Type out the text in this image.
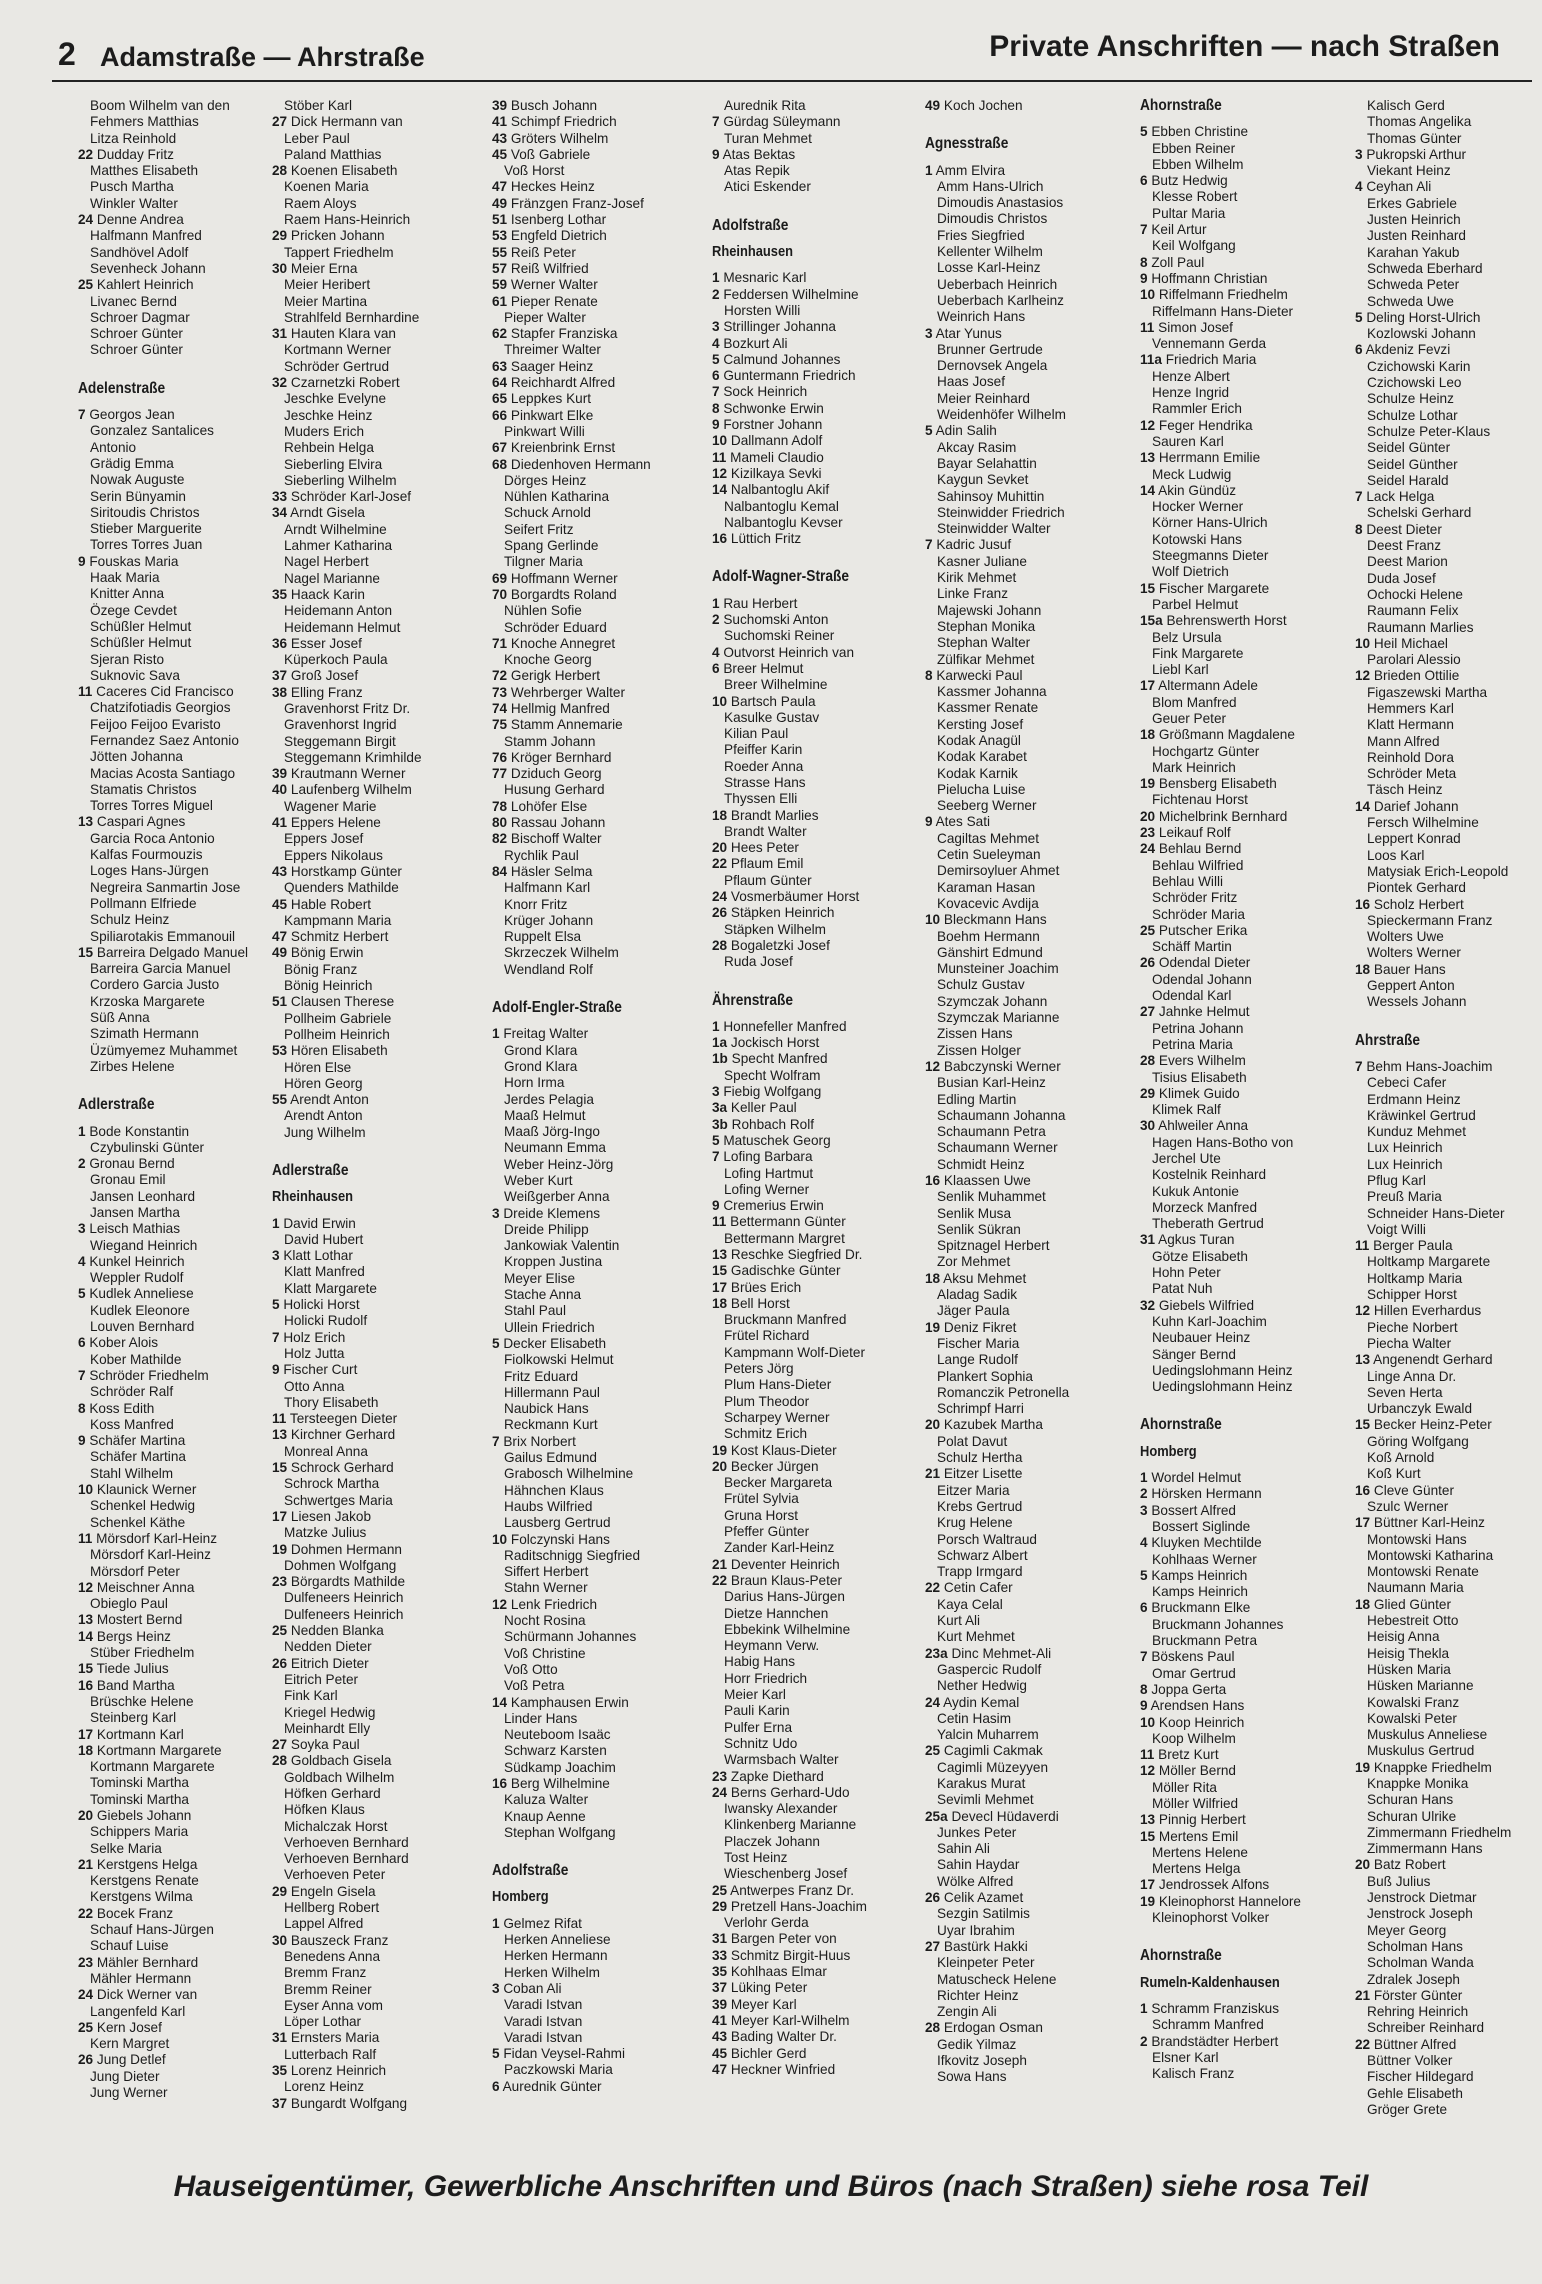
2 Adamstraße — Ahrstraße	Private Anschriften — nach Straßen
Boom Wilhelm van den
Fehmers Matthias
Litza Reinhold
22 Dudday Fritz
Matthes Elisabeth
Pusch Martha
Winkler Walter
24 Denne Andrea
Halfmann Manfred
Sandhövel Adolf
Sevenheck Johann
25 Kahlert Heinrich
Livanec Bernd
Schroer Dagmar
Schroer Günter
Schroer Günter
Adelenstraße
7 Georgos Jean
Gonzalez Santalices
Antonio
Grädig Emma
Nowak Auguste
Serin Bünyamin
Siritoudis Christos
Stieber Marguerite
Torres Torres Juan
9 Fouskas Maria
Haak Maria
Knitter Anna
Özege Cevdet
Schüßler Helmut
Schüßler Helmut
Sjeran Risto
Suknovic Sava
11 Caceres Cid Francisco
Chatzifotiadis Georgios
Feijoo Feijoo Evaristo
Fernandez Saez Antonio
Jötten Johanna
Macias Acosta Santiago
Stamatis Christos
Torres Torres Miguel
13 Caspari Agnes
Garcia Roca Antonio
Kalfas Fourmouzis
Loges Hans-Jürgen
Negreira Sanmartin Jose
Pollmann Elfriede
Schulz Heinz
Spiliarotakis Emmanouil
15 Barreira Delgado Manuel
Barreira Garcia Manuel
Cordero Garcia Justo
Krzoska Margarete
Süß Anna
Szimath Hermann
Üzümyemez Muhammet
Zirbes Helene
Adlerstraße
1 Bode Konstantin
Czybulinski Günter
2 Gronau Bernd
Gronau Emil
Jansen Leonhard
Jansen Martha
3 Leisch Mathias
Wiegand Heinrich
4 Kunkel Heinrich
Weppler Rudolf
5 Kudlek Anneliese
Kudlek Eleonore
Louven Bernhard
6 Kober Alois
Kober Mathilde
7 Schröder Friedhelm
Schröder Ralf
8 Koss Edith
Koss Manfred
9 Schäfer Martina
Schäfer Martina
Stahl Wilhelm
10 Klaunick Werner
Schenkel Hedwig
Schenkel Käthe
11 Mörsdorf Karl-Heinz
Mörsdorf Karl-Heinz
Mörsdorf Peter
12 Meischner Anna
Obieglo Paul
13 Mostert Bernd
14 Bergs Heinz
Stüber Friedhelm
15 Tiede Julius
16 Band Martha
Brüschke Helene
Steinberg Karl
17 Kortmann Karl
18 Kortmann Margarete
Kortmann Margarete
Tominski Martha
Tominski Martha
20 Giebels Johann
Schippers Maria
Selke Maria
21 Kerstgens Helga
Kerstgens Renate
Kerstgens Wilma
22 Bocek Franz
Schauf Hans-Jürgen
Schauf Luise
23 Mähler Bernhard
Mähler Hermann
24 Dick Werner van
Langenfeld Karl
25 Kern Josef
Kern Margret
26 Jung Detlef
Jung Dieter
Jung Werner
Stöber Karl
27 Dick Hermann van
Leber Paul
Paland Matthias
28 Koenen Elisabeth
Koenen Maria
Raem Aloys
Raem Hans-Heinrich
29 Pricken Johann
Tappert Friedhelm
30 Meier Erna
Meier Heribert
Meier Martina
Strahlfeld Bernhardine
31 Hauten Klara van
Kortmann Werner
Schröder Gertrud
32 Czarnetzki Robert
Jeschke Evelyne
Jeschke Heinz
Muders Erich
Rehbein Helga
Sieberling Elvira
Sieberling Wilhelm
33 Schröder Karl-Josef
34 Arndt Gisela
Arndt Wilhelmine
Lahmer Katharina
Nagel Herbert
Nagel Marianne
35 Haack Karin
Heidemann Anton
Heidemann Helmut
36 Esser Josef
Küperkoch Paula
37 Groß Josef
38 Elling Franz
Gravenhorst Fritz Dr.
Gravenhorst Ingrid
Steggemann Birgit
Steggemann Krimhilde
39 Krautmann Werner
40 Laufenberg Wilhelm
Wagener Marie
41 Eppers Helene
Eppers Josef
Eppers Nikolaus
43 Horstkamp Günter
Quenders Mathilde
45 Hable Robert
Kampmann Maria
47 Schmitz Herbert
49 Bönig Erwin
Bönig Franz
Bönig Heinrich
51 Clausen Therese
Pollheim Gabriele
Pollheim Heinrich
53 Hören Elisabeth
Hören Else
Hören Georg
55 Arendt Anton
Arendt Anton
Jung Wilhelm
Adlerstraße
Rheinhausen
1 David Erwin
David Hubert
3 Klatt Lothar
Klatt Manfred
Klatt Margarete
5 Holicki Horst
Holicki Rudolf
7 Holz Erich
Holz Jutta
9 Fischer Curt
Otto Anna
Thory Elisabeth
11 Tersteegen Dieter
13 Kirchner Gerhard
Monreal Anna
15 Schrock Gerhard
Schrock Martha
Schwertges Maria
17 Liesen Jakob
Matzke Julius
19 Dohmen Hermann
Dohmen Wolfgang
23 Börgardts Mathilde
Dulfeneers Heinrich
Dulfeneers Heinrich
25 Nedden Blanka
Nedden Dieter
26 Eitrich Dieter
Eitrich Peter
Fink Karl
Kriegel Hedwig
Meinhardt Elly
27 Soyka Paul
28 Goldbach Gisela
Goldbach Wilhelm
Höfken Gerhard
Höfken Klaus
Michalczak Horst
Verhoeven Bernhard
Verhoeven Bernhard
Verhoeven Peter
29 Engeln Gisela
Hellberg Robert
Lappel Alfred
30 Bauszeck Franz
Benedens Anna
Bremm Franz
Bremm Reiner
Eyser Anna vom
Löper Lothar
31 Ernsters Maria
Lutterbach Ralf
35 Lorenz Heinrich
Lorenz Heinz
37 Bungardt Wolfgang
39 Busch Johann
41 Schimpf Friedrich
43 Gröters Wilhelm
45 Voß Gabriele
Voß Horst
47 Heckes Heinz
49 Fränzgen Franz-Josef
51 Isenberg Lothar
53 Engfeld Dietrich
55 Reiß Peter
57 Reiß Wilfried
59 Werner Walter
61 Pieper Renate
Pieper Walter
62 Stapfer Franziska
Threimer Walter
63 Saager Heinz
64 Reichhardt Alfred
65 Leppkes Kurt
66 Pinkwart Elke
Pinkwart Willi
67 Kreienbrink Ernst
68 Diedenhoven Hermann
Dörges Heinz
Nühlen Katharina
Schuck Arnold
Seifert Fritz
Spang Gerlinde
Tilgner Maria
69 Hoffmann Werner
70 Borgardts Roland
Nühlen Sofie
Schröder Eduard
71 Knoche Annegret
Knoche Georg
72 Gerigk Herbert
73 Wehrberger Walter
74 Hellmig Manfred
75 Stamm Annemarie
Stamm Johann
76 Kröger Bernhard
77 Dziduch Georg
Husung Gerhard
78 Lohöfer Else
80 Rassau Johann
82 Bischoff Walter
Rychlik Paul
84 Häsler Selma
Halfmann Karl
Knorr Fritz
Krüger Johann
Ruppelt Elsa
Skrzeczek Wilhelm
Wendland Rolf
Adolf-Engler-Straße
1 Freitag Walter
Grond Klara
Grond Klara
Horn Irma
Jerdes Pelagia
Maaß Helmut
Maaß Jörg-Ingo
Neumann Emma
Weber Heinz-Jörg
Weber Kurt
Weißgerber Anna
3 Dreide Klemens
Dreide Philipp
Jankowiak Valentin
Kroppen Justina
Meyer Elise
Stache Anna
Stahl Paul
Ullein Friedrich
5 Decker Elisabeth
Fiolkowski Helmut
Fritz Eduard
Hillermann Paul
Naubick Hans
Reckmann Kurt
7 Brix Norbert
Gailus Edmund
Grabosch Wilhelmine
Hähnchen Klaus
Haubs Wilfried
Lausberg Gertrud
10 Folczynski Hans
Raditschnigg Siegfried
Siffert Herbert
Stahn Werner
12 Lenk Friedrich
Nocht Rosina
Schürmann Johannes
Voß Christine
Voß Otto
Voß Petra
14 Kamphausen Erwin
Linder Hans
Neuteboom Isaäc
Schwarz Karsten
Südkamp Joachim
16 Berg Wilhelmine
Kaluza Walter
Knaup Aenne
Stephan Wolfgang
Adolfstraße
Homberg
1 Gelmez Rifat
Herken Anneliese
Herken Hermann
Herken Wilhelm
3 Coban Ali
Varadi Istvan
Varadi Istvan
Varadi Istvan
5 Fidan Veysel-Rahmi
Paczkowski Maria
6 Aurednik Günter
Aurednik Rita
7 Gürdag Süleymann
Turan Mehmet
9 Atas Bektas
Atas Repik
Atici Eskender
Adolfstraße
Rheinhausen
1 Mesnaric Karl
2 Feddersen Wilhelmine
Horsten Willi
3 Strillinger Johanna
4 Bozkurt Ali
5 Calmund Johannes
6 Guntermann Friedrich
7 Sock Heinrich
8 Schwonke Erwin
9 Forstner Johann
10 Dallmann Adolf
11 Mameli Claudio
12 Kizilkaya Sevki
14 Nalbantoglu Akif
Nalbantoglu Kemal
Nalbantoglu Kevser
16 Lüttich Fritz
Adolf-Wagner-Straße
1 Rau Herbert
2 Suchomski Anton
Suchomski Reiner
4 Outvorst Heinrich van
6 Breer Helmut
Breer Wilhelmine
10 Bartsch Paula
Kasulke Gustav
Kilian Paul
Pfeiffer Karin
Roeder Anna
Strasse Hans
Thyssen Elli
18 Brandt Marlies
Brandt Walter
20 Hees Peter
22 Pflaum Emil
Pflaum Günter
24 Vosmerbäumer Horst
26 Stäpken Heinrich
Stäpken Wilhelm
28 Bogaletzki Josef
Ruda Josef
Ährenstraße
1 Honnefeller Manfred
1a Jockisch Horst
1b Specht Manfred
Specht Wolfram
3 Fiebig Wolfgang
3a Keller Paul
3b Rohbach Rolf
5 Matuschek Georg
7 Lofing Barbara
Lofing Hartmut
Lofing Werner
9 Cremerius Erwin
11 Bettermann Günter
Bettermann Margret
13 Reschke Siegfried Dr.
15 Gadischke Günter
17 Brües Erich
18 Bell Horst
Bruckmann Manfred
Frütel Richard
Kampmann Wolf-Dieter
Peters Jörg
Plum Hans-Dieter
Plum Theodor
Scharpey Werner
Schmitz Erich
19 Kost Klaus-Dieter
20 Becker Jürgen
Becker Margareta
Frütel Sylvia
Gruna Horst
Pfeffer Günter
Zander Karl-Heinz
21 Deventer Heinrich
22 Braun Klaus-Peter
Darius Hans-Jürgen
Dietze Hannchen
Ebbekink Wilhelmine
Heymann Verw.
Habig Hans
Horr Friedrich
Meier Karl
Pauli Karin
Pulfer Erna
Schnitz Udo
Warmsbach Walter
23 Zapke Diethard
24 Berns Gerhard-Udo
Iwansky Alexander
Klinkenberg Marianne
Placzek Johann
Tost Heinz
Wieschenberg Josef
25 Antwerpes Franz Dr.
29 Pretzell Hans-Joachim
Verlohr Gerda
31 Bargen Peter von
33 Schmitz Birgit-Huus
35 Kohlhaas Elmar
37 Lüking Peter
39 Meyer Karl
41 Meyer Karl-Wilhelm
43 Bading Walter Dr.
45 Bichler Gerd
47 Heckner Winfried
49 Koch Jochen
Agnesstraße
1 Amm Elvira
Amm Hans-Ulrich
Dimoudis Anastasios
Dimoudis Christos
Fries Siegfried
Kellenter Wilhelm
Losse Karl-Heinz
Ueberbach Heinrich
Ueberbach Karlheinz
Weinrich Hans
3 Atar Yunus
Brunner Gertrude
Dernovsek Angela
Haas Josef
Meier Reinhard
Weidenhöfer Wilhelm
5 Adin Salih
Akcay Rasim
Bayar Selahattin
Kaygun Sevket
Sahinsoy Muhittin
Steinwidder Friedrich
Steinwidder Walter
7 Kadric Jusuf
Kasner Juliane
Kirik Mehmet
Linke Franz
Majewski Johann
Stephan Monika
Stephan Walter
Zülfikar Mehmet
8 Karwecki Paul
Kassmer Johanna
Kassmer Renate
Kersting Josef
Kodak Anagül
Kodak Karabet
Kodak Karnik
Pielucha Luise
Seeberg Werner
9 Ates Sati
Cagiltas Mehmet
Cetin Sueleyman
Demirsoyluer Ahmet
Karaman Hasan
Kovacevic Avdija
10 Bleckmann Hans
Boehm Hermann
Gänshirt Edmund
Munsteiner Joachim
Schulz Gustav
Szymczak Johann
Szymczak Marianne
Zissen Hans
Zissen Holger
12 Babczynski Werner
Busian Karl-Heinz
Edling Martin
Schaumann Johanna
Schaumann Petra
Schaumann Werner
Schmidt Heinz
16 Klaassen Uwe
Senlik Muhammet
Senlik Musa
Senlik Sükran
Spitznagel Herbert
Zor Mehmet
18 Aksu Mehmet
Aladag Sadik
Jäger Paula
19 Deniz Fikret
Fischer Maria
Lange Rudolf
Plankert Sophia
Romanczik Petronella
Schrimpf Harri
20 Kazubek Martha
Polat Davut
Schulz Hertha
21 Eitzer Lisette
Eitzer Maria
Krebs Gertrud
Krug Helene
Porsch Waltraud
Schwarz Albert
Trapp Irmgard
22 Cetin Cafer
Kaya Celal
Kurt Ali
Kurt Mehmet
23a Dinc Mehmet-Ali
Gaspercic Rudolf
Nether Hedwig
24 Aydin Kemal
Cetin Hasim
Yalcin Muharrem
25 Cagimli Cakmak
Cagimli Müzeyyen
Karakus Murat
Sevimli Mehmet
25a Devecl Hüdaverdi
Junkes Peter
Sahin Ali
Sahin Haydar
Wölke Alfred
26 Celik Azamet
Sezgin Satilmis
Uyar Ibrahim
27 Bastürk Hakki
Kleinpeter Peter
Matuscheck Helene
Richter Heinz
Zengin Ali
28 Erdogan Osman
Gedik Yilmaz
Ifkovitz Joseph
Sowa Hans
Ahornstraße
5 Ebben Christine
Ebben Reiner
Ebben Wilhelm
6 Butz Hedwig
Klesse Robert
Pultar Maria
7 Keil Artur
Keil Wolfgang
8 Zoll Paul
9 Hoffmann Christian
10 Riffelmann Friedhelm
Riffelmann Hans-Dieter
11 Simon Josef
Vennemann Gerda
11a Friedrich Maria
Henze Albert
Henze Ingrid
Rammler Erich
12 Feger Hendrika
Sauren Karl
13 Herrmann Emilie
Meck Ludwig
14 Akin Gündüz
Hocker Werner
Körner Hans-Ulrich
Kotowski Hans
Steegmanns Dieter
Wolf Dietrich
15 Fischer Margarete
Parbel Helmut
15a Behrenswerth Horst
Belz Ursula
Fink Margarete
Liebl Karl
17 Altermann Adele
Blom Manfred
Geuer Peter
18 Größmann Magdalene
Hochgartz Günter
Mark Heinrich
19 Bensberg Elisabeth
Fichtenau Horst
20 Michelbrink Bernhard
23 Leikauf Rolf
24 Behlau Bernd
Behlau Wilfried
Behlau Willi
Schröder Fritz
Schröder Maria
25 Putscher Erika
Schäff Martin
26 Odendal Dieter
Odendal Johann
Odendal Karl
27 Jahnke Helmut
Petrina Johann
Petrina Maria
28 Evers Wilhelm
Tisius Elisabeth
29 Klimek Guido
Klimek Ralf
30 Ahlweiler Anna
Hagen Hans-Botho von
Jerchel Ute
Kostelnik Reinhard
Kukuk Antonie
Morzeck Manfred
Theberath Gertrud
31 Agkus Turan
Götze Elisabeth
Hohn Peter
Patat Nuh
32 Giebels Wilfried
Kuhn Karl-Joachim
Neubauer Heinz
Sänger Bernd
Uedingslohmann Heinz
Uedingslohmann Heinz
Ahornstraße
Homberg
1 Wordel Helmut
2 Hörsken Hermann
3 Bossert Alfred
Bossert Siglinde
4 Kluyken Mechtilde
Kohlhaas Werner
5 Kamps Heinrich
Kamps Heinrich
6 Bruckmann Elke
Bruckmann Johannes
Bruckmann Petra
7 Böskens Paul
Omar Gertrud
8 Joppa Gerta
9 Arendsen Hans
10 Koop Heinrich
Koop Wilhelm
11 Bretz Kurt
12 Möller Bernd
Möller Rita
Möller Wilfried
13 Pinnig Herbert
15 Mertens Emil
Mertens Helene
Mertens Helga
17 Jendrossek Alfons
19 Kleinophorst Hannelore
Kleinophorst Volker
Ahornstraße
Rumeln-Kaldenhausen
1 Schramm Franziskus
Schramm Manfred
2 Brandstädter Herbert
Elsner Karl
Kalisch Franz
Kalisch Gerd
Thomas Angelika
Thomas Günter
3 Pukropski Arthur
Viekant Heinz
4 Ceyhan Ali
Erkes Gabriele
Justen Heinrich
Justen Reinhard
Karahan Yakub
Schweda Eberhard
Schweda Peter
Schweda Uwe
5 Deling Horst-Ulrich
Kozlowski Johann
6 Akdeniz Fevzi
Czichowski Karin
Czichowski Leo
Schulze Heinz
Schulze Lothar
Schulze Peter-Klaus
Seidel Günter
Seidel Günther
Seidel Harald
7 Lack Helga
Schelski Gerhard
8 Deest Dieter
Deest Franz
Deest Marion
Duda Josef
Ochocki Helene
Raumann Felix
Raumann Marlies
10 Heil Michael
Parolari Alessio
12 Brieden Ottilie
Figaszewski Martha
Hemmers Karl
Klatt Hermann
Mann Alfred
Reinhold Dora
Schröder Meta
Täsch Heinz
14 Darief Johann
Fersch Wilhelmine
Leppert Konrad
Loos Karl
Matysiak Erich-Leopold
Piontek Gerhard
16 Scholz Herbert
Spieckermann Franz
Wolters Uwe
Wolters Werner
18 Bauer Hans
Geppert Anton
Wessels Johann
Ahrstraße
7 Behm Hans-Joachim
Cebeci Cafer
Erdmann Heinz
Kräwinkel Gertrud
Kunduz Mehmet
Lux Heinrich
Lux Heinrich
Pflug Karl
Preuß Maria
Schneider Hans-Dieter
Voigt Willi
11 Berger Paula
Holtkamp Margarete
Holtkamp Maria
Schipper Horst
12 Hillen Everhardus
Pieche Norbert
Piecha Walter
13 Angenendt Gerhard
Linge Anna Dr.
Seven Herta
Urbanczyk Ewald
15 Becker Heinz-Peter
Göring Wolfgang
Koß Arnold
Koß Kurt
16 Cleve Günter
Szulc Werner
17 Büttner Karl-Heinz
Montowski Hans
Montowski Katharina
Montowski Renate
Naumann Maria
18 Glied Günter
Hebestreit Otto
Heisig Anna
Heisig Thekla
Hüsken Maria
Hüsken Marianne
Kowalski Franz
Kowalski Peter
Muskulus Anneliese
Muskulus Gertrud
19 Knappke Friedhelm
Knappke Monika
Schuran Hans
Schuran Ulrike
Zimmermann Friedhelm
Zimmermann Hans
20 Batz Robert
Buß Julius
Jenstrock Dietmar
Jenstrock Joseph
Meyer Georg
Scholman Hans
Scholman Wanda
Zdralek Joseph
21 Förster Günter
Rehring Heinrich
Schreiber Reinhard
22 Büttner Alfred
Büttner Volker
Fischer Hildegard
Gehle Elisabeth
Gröger Grete
Hauseigentümer, Gewerbliche Anschriften und Büros (nach Straßen) siehe rosa Teil
